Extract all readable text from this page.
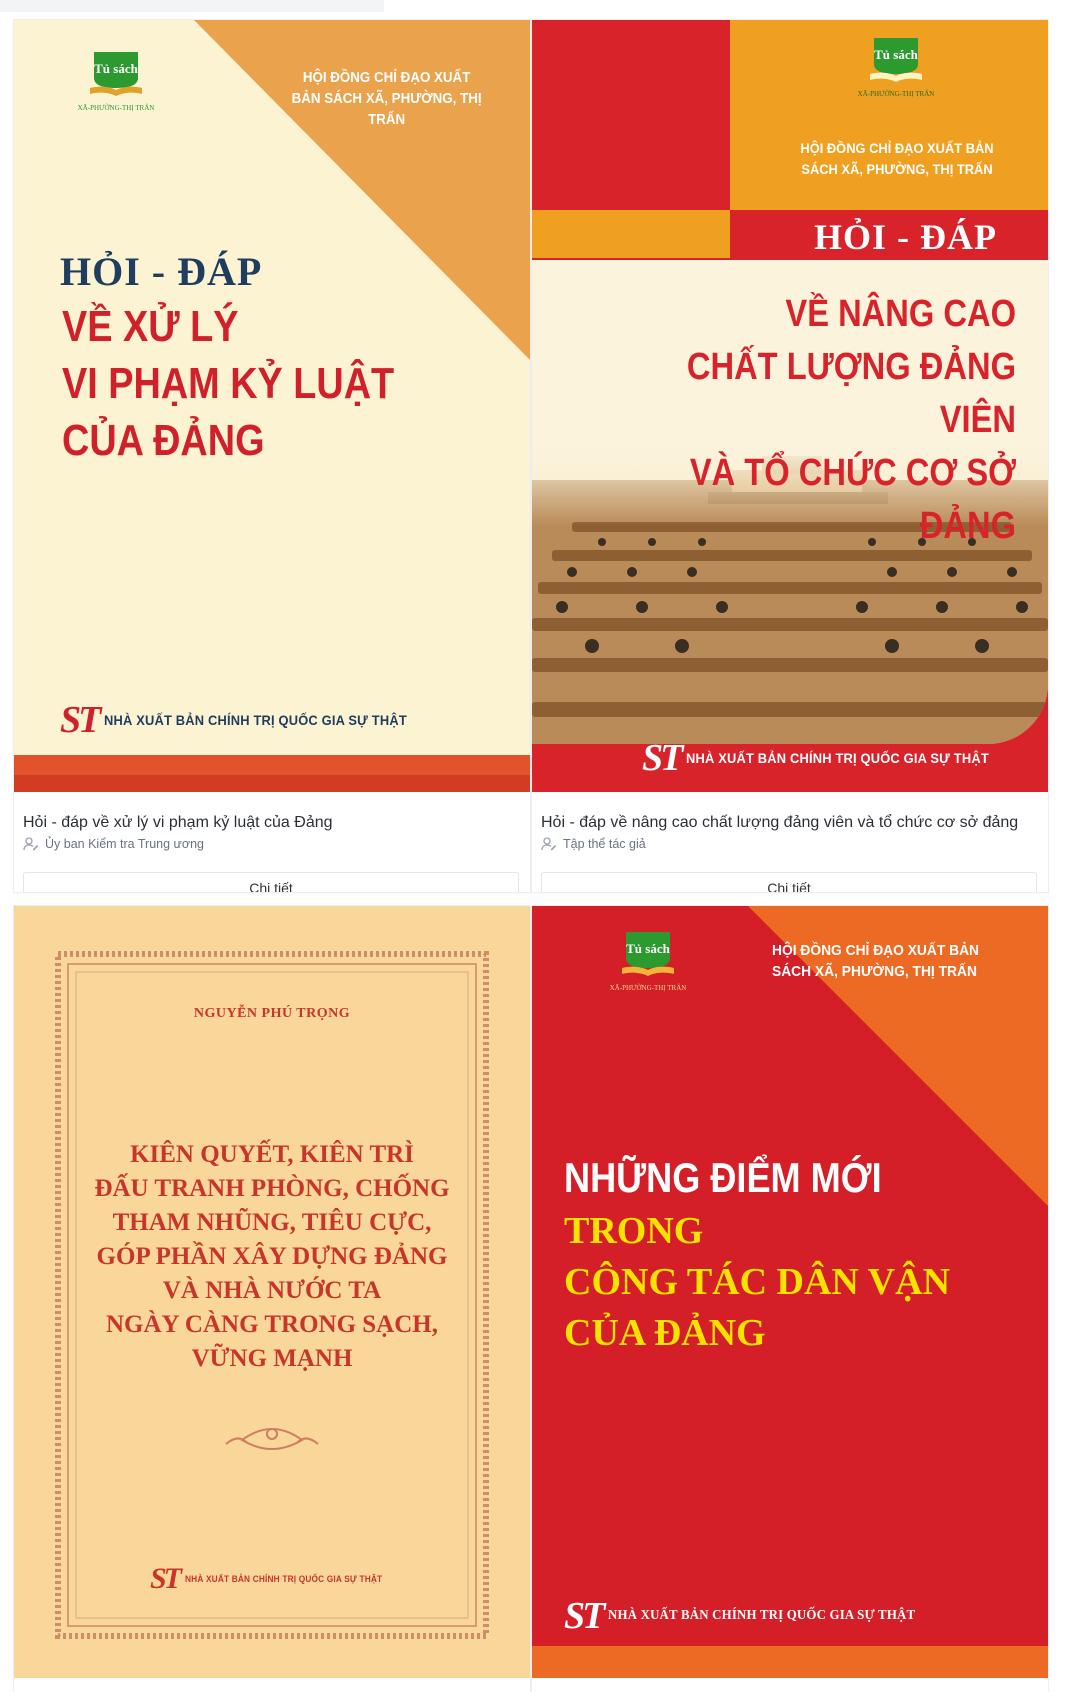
Tủ sách
XÃ-PHƯỜNG-THỊ TRẤN
HỘI ĐỒNG CHỈ ĐẠO XUẤT BẢN SÁCH XÃ, PHƯỜNG, THỊ TRẤN
HỎI - ĐÁP
VỀ XỬ LÝ
VI PHẠM KỶ LUẬT
CỦA ĐẢNG
ST NHÀ XUẤT BẢN CHÍNH TRỊ QUỐC GIA SỰ THẬT
Hỏi - đáp về xử lý vi phạm kỷ luật của Đảng
Ủy ban Kiểm tra Trung ương
Chi tiết
Tủ sách
XÃ-PHƯỜNG-THỊ TRẤN
HỘI ĐỒNG CHỈ ĐẠO XUẤT BẢN SÁCH XÃ, PHƯỜNG, THỊ TRẤN
HỎI - ĐÁP
VỀ NÂNG CAO
CHẤT LƯỢNG ĐẢNG VIÊN
VÀ TỔ CHỨC CƠ SỞ ĐẢNG
ST NHÀ XUẤT BẢN CHÍNH TRỊ QUỐC GIA SỰ THẬT
Hỏi - đáp về nâng cao chất lượng đảng viên và tổ chức cơ sở đảng
Tập thể tác giả
Chi tiết
NGUYỄN PHÚ TRỌNG
KIÊN QUYẾT, KIÊN TRÌ
ĐẤU TRANH PHÒNG, CHỐNG
THAM NHŨNG, TIÊU CỰC,
GÓP PHẦN XÂY DỰNG ĐẢNG
VÀ NHÀ NƯỚC TA
NGÀY CÀNG TRONG SẠCH,
VỮNG MẠNH
ST NHÀ XUẤT BẢN CHÍNH TRỊ QUỐC GIA SỰ THẬT
Tủ sách
XÃ-PHƯỜNG-THỊ TRẤN
HỘI ĐỒNG CHỈ ĐẠO XUẤT BẢN SÁCH XÃ, PHƯỜNG, THỊ TRẤN
NHỮNG ĐIỂM MỚI
TRONG
CÔNG TÁC DÂN VẬN
CỦA ĐẢNG
ST NHÀ XUẤT BẢN CHÍNH TRỊ QUỐC GIA SỰ THẬT
